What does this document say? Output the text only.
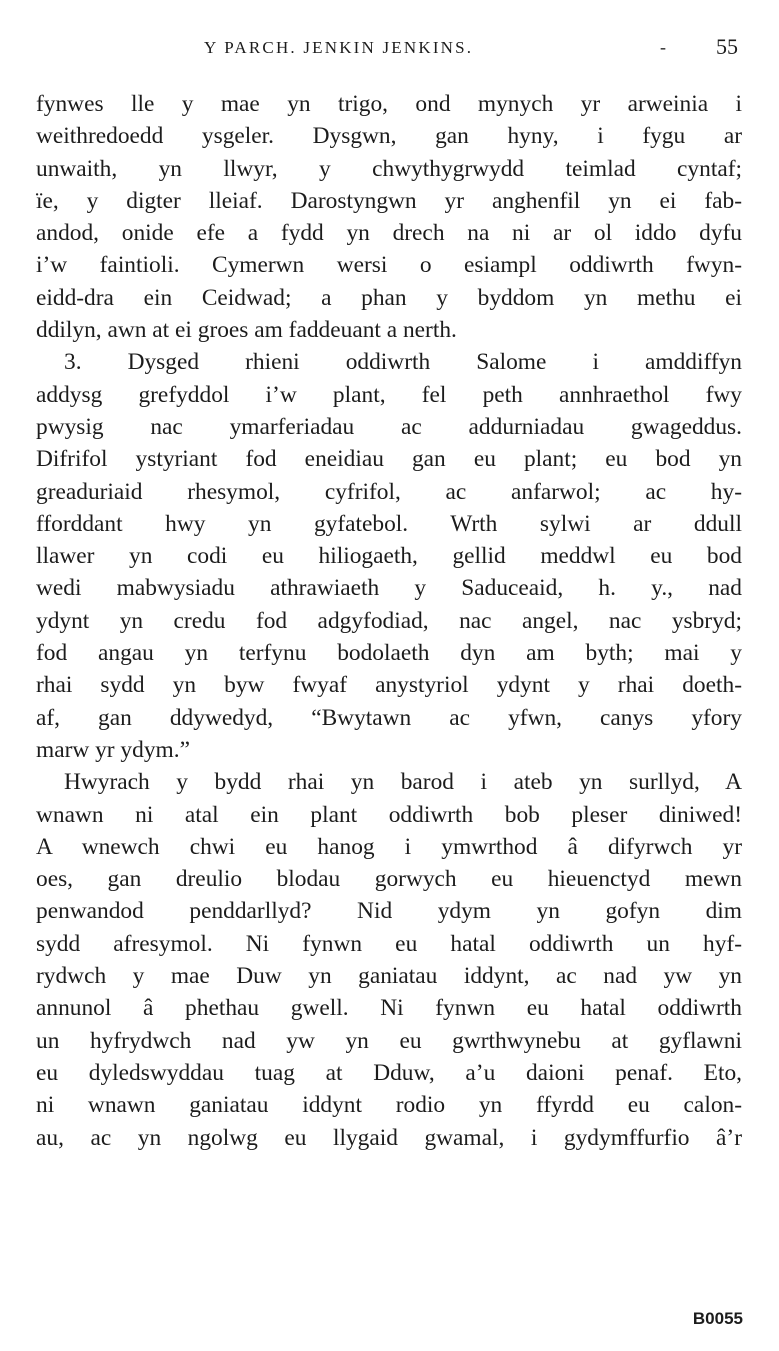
Y PARCH. JENKIN JENKINS.	- 55
fynwes lle y mae yn trigo, ond mynych yr arweinia i
weithredoedd ysgeler. Dysgwn, gan hyny, i fygu ar
unwaith, yn llwyr, y chwythygrwydd teimlad cyntaf;
ïe, y digter lleiaf. Darostyngwn yr anghenfil yn ei fab-
andod, onide efe a fydd yn drech na ni ar ol iddo dyfu
i’w faintioli. Cymerwn wersi o esiampl oddiwrth fwyn-
eidd-dra ein Ceidwad; a phan y byddom yn methu ei
ddilyn, awn at ei groes am faddeuant a nerth.
3. Dysged rhieni oddiwrth Salome i amddiffyn
addysg grefyddol i’w plant, fel peth annhraethol fwy
pwysig nac ymarferiadau ac addurniadau gwageddus.
Difrifol ystyriant fod eneidiau gan eu plant; eu bod yn
greaduriaid rhesymol, cyfrifol, ac anfarwol; ac hy-
fforddant hwy yn gyfatebol. Wrth sylwi ar ddull
llawer yn codi eu hiliogaeth, gellid meddwl eu bod
wedi mabwysiadu athrawiaeth y Saduceaid, h. y., nad
ydynt yn credu fod adgyfodiad, nac angel, nac ysbryd;
fod angau yn terfynu bodolaeth dyn am byth; mai y
rhai sydd yn byw fwyaf anystyriol ydynt y rhai doeth-
af, gan ddywedyd, “Bwytawn ac yfwn, canys yfory
marw yr ydym.”
Hwyrach y bydd rhai yn barod i ateb yn surllyd, A
wnawn ni atal ein plant oddiwrth bob pleser diniwed!
A wnewch chwi eu hanog i ymwrthod â difyrwch yr
oes, gan dreulio blodau gorwych eu hieuenctyd mewn
penwandod penddarllyd? Nid ydym yn gofyn dim
sydd afresymol. Ni fynwn eu hatal oddiwrth un hyf-
rydwch y mae Duw yn ganiatau iddynt, ac nad yw yn
annunol â phethau gwell. Ni fynwn eu hatal oddiwrth
un hyfrydwch nad yw yn eu gwrthwynebu at gyflawni
eu dyledswyddau tuag at Dduw, a’u daioni penaf. Eto,
ni wnawn ganiatau iddynt rodio yn ffyrdd eu calon-
au, ac yn ngolwg eu llygaid gwamal, i gydymffurfio â’r
B0055
